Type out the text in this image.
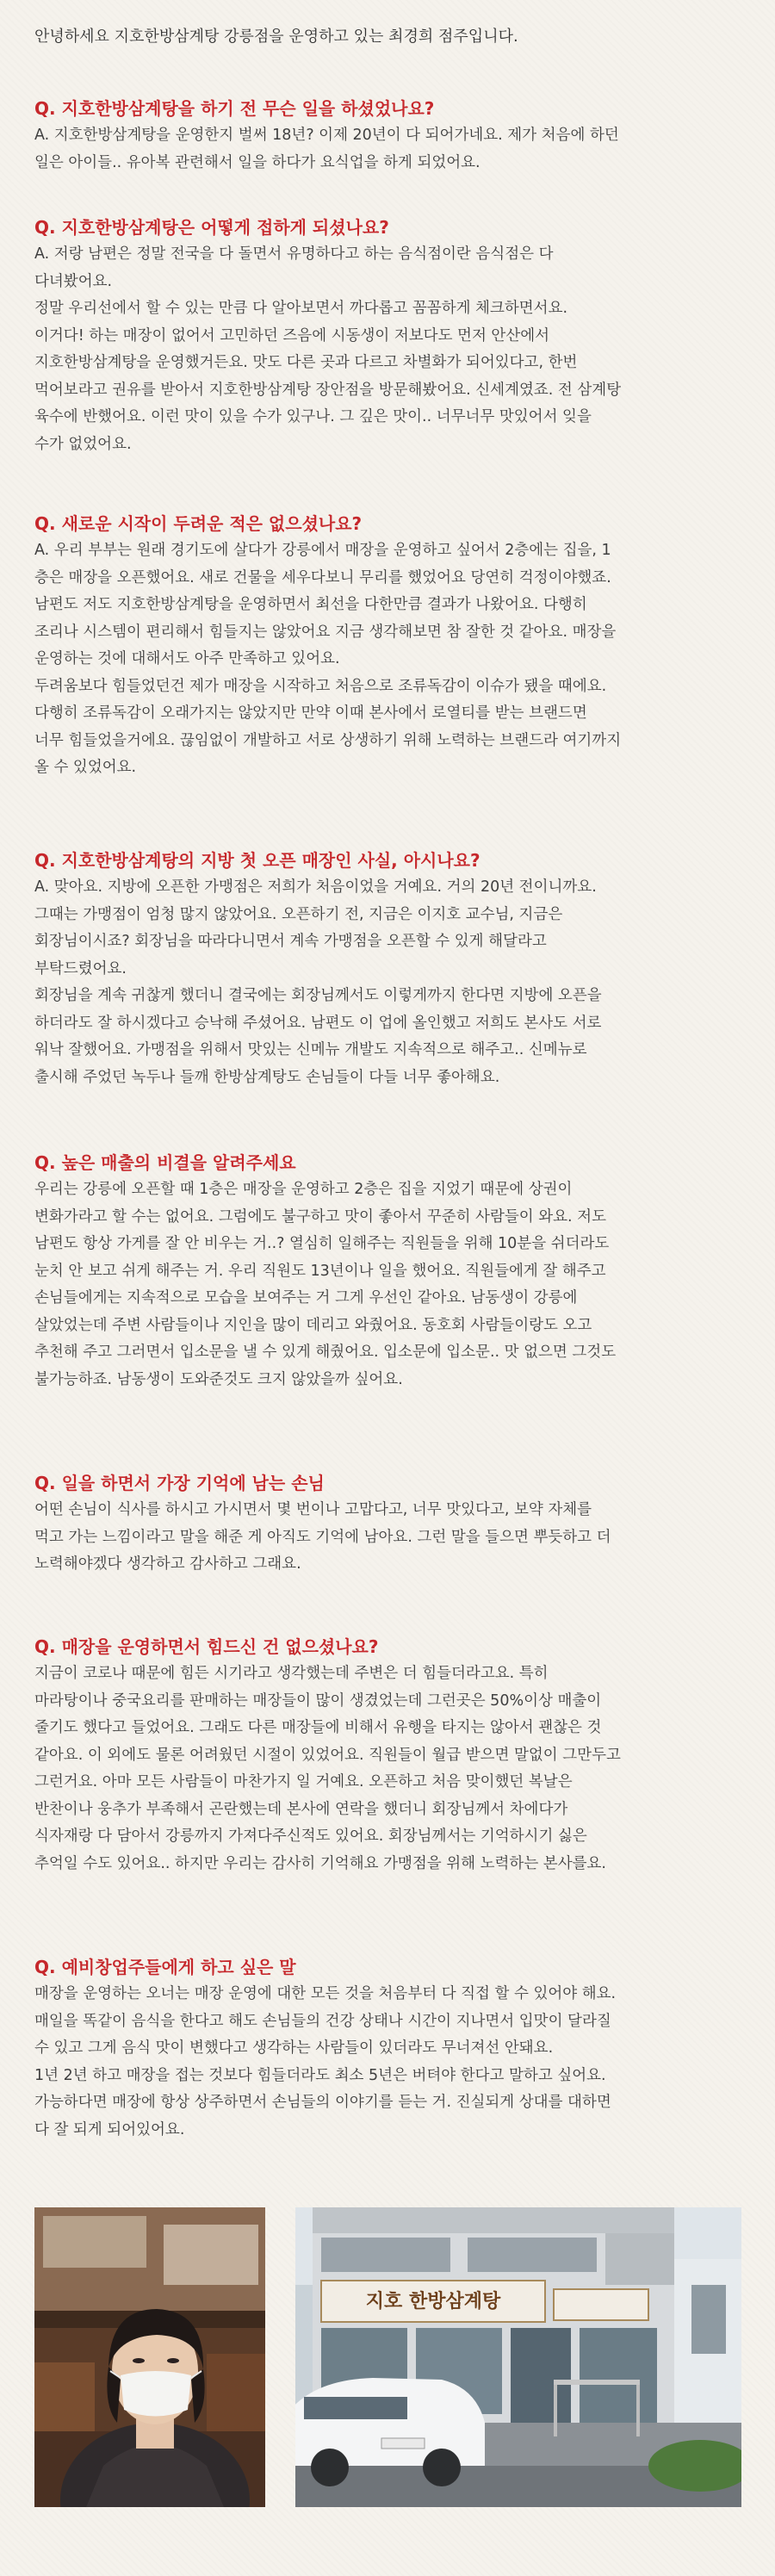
안녕하세요 지호한방삼계탕 강릉점을 운영하고 있는 최경희 점주입니다.

Q. 지호한방삼계탕을 하기 전 무슨 일을 하셨었나요?

A. 지호한방삼계탕을 운영한지 벌써 18년? 이제 20년이 다 되어가네요. 제가 처음에 하던
일은 아이들.. 유아복 관련해서 일을 하다가 요식업을 하게 되었어요.

Q. 지호한방삼계탕은 어떻게 접하게 되셨나요?

A. 저랑 남편은 정말 전국을 다 돌면서 유명하다고 하는 음식점이란 음식점은 다
다녀봤어요.
정말 우리선에서 할 수 있는 만큼 다 알아보면서 까다롭고 꼼꼼하게 체크하면서요.
이거다! 하는 매장이 없어서 고민하던 즈음에 시동생이 저보다도 먼저 안산에서
지호한방삼계탕을 운영했거든요. 맛도 다른 곳과 다르고 차별화가 되어있다고, 한번
먹어보라고 권유를 받아서 지호한방삼계탕 장안점을 방문해봤어요. 신세계였죠. 전 삼계탕
육수에 반했어요. 이런 맛이 있을 수가 있구나. 그 깊은 맛이.. 너무너무 맛있어서 잊을
수가 없었어요.

Q. 새로운 시작이 두려운 적은 없으셨나요?

A. 우리 부부는 원래 경기도에 살다가 강릉에서 매장을 운영하고 싶어서 2층에는 집을, 1
층은 매장을 오픈했어요. 새로 건물을 세우다보니 무리를 했었어요 당연히 걱정이야했죠.
남편도 저도 지호한방삼계탕을 운영하면서 최선을 다한만큼 결과가 나왔어요. 다행히
조리나 시스템이 편리해서 힘들지는 않았어요 지금 생각해보면 참 잘한 것 같아요. 매장을
운영하는 것에 대해서도 아주 만족하고 있어요.
두려움보다 힘들었던건 제가 매장을 시작하고 처음으로 조류독감이 이슈가 됐을 때에요.
다행히 조류독감이 오래가지는 않았지만 만약 이때 본사에서 로열티를 받는 브랜드면
너무 힘들었을거에요. 끊임없이 개발하고 서로 상생하기 위해 노력하는 브랜드라 여기까지
올 수 있었어요.

Q. 지호한방삼계탕의 지방 첫 오픈 매장인 사실, 아시나요?

A. 맞아요. 지방에 오픈한 가맹점은 저희가 처음이었을 거예요. 거의 20년 전이니까요.
그때는 가맹점이 엄청 많지 않았어요. 오픈하기 전, 지금은 이지호 교수님, 지금은
회장님이시죠? 회장님을 따라다니면서 계속 가맹점을 오픈할 수 있게 해달라고
부탁드렸어요.
회장님을 계속 귀찮게 했더니 결국에는 회장님께서도 이렇게까지 한다면 지방에 오픈을
하더라도 잘 하시겠다고 승낙해 주셨어요. 남편도 이 업에 올인했고 저희도 본사도 서로
워낙 잘했어요. 가맹점을 위해서 맛있는 신메뉴 개발도 지속적으로 해주고.. 신메뉴로
출시해 주었던 녹두나 들깨 한방삼계탕도 손님들이 다들 너무 좋아해요.

Q. 높은 매출의 비결을 알려주세요

우리는 강릉에 오픈할 때 1층은 매장을 운영하고 2층은 집을 지었기 때문에 상권이
변화가라고 할 수는 없어요. 그럼에도 불구하고 맛이 좋아서 꾸준히 사람들이 와요. 저도
남편도 항상 가게를 잘 안 비우는 거..? 열심히 일해주는 직원들을 위해 10분을 쉬더라도
눈치 안 보고 쉬게 해주는 거. 우리 직원도 13년이나 일을 했어요. 직원들에게 잘 해주고
손님들에게는 지속적으로 모습을 보여주는 거 그게 우선인 같아요. 남동생이 강릉에
살았었는데 주변 사람들이나 지인을 많이 데리고 와줬어요. 동호회 사람들이랑도 오고
추천해 주고 그러면서 입소문을 낼 수 있게 해줬어요. 입소문에 입소문.. 맛 없으면 그것도
불가능하죠. 남동생이 도와준것도 크지 않았을까 싶어요.

Q. 일을 하면서 가장 기억에 남는 손님

어떤 손님이 식사를 하시고 가시면서 몇 번이나 고맙다고, 너무 맛있다고, 보약 자체를
먹고 가는 느낌이라고 말을 해준 게 아직도 기억에 남아요. 그런 말을 들으면 뿌듯하고 더
노력해야겠다 생각하고 감사하고 그래요.

Q. 매장을 운영하면서 힘드신 건 없으셨나요?

지금이 코로나 때문에 힘든 시기라고 생각했는데 주변은 더 힘들더라고요. 특히
마라탕이나 중국요리를 판매하는 매장들이 많이 생겼었는데 그런곳은 50%이상 매출이
줄기도 했다고 들었어요. 그래도 다른 매장들에 비해서 유행을 타지는 않아서 괜찮은 것
같아요. 이 외에도 물론 어려웠던 시절이 있었어요. 직원들이 월급 받으면 말없이 그만두고
그런거요. 아마 모든 사람들이 마찬가지 일 거예요. 오픈하고 처음 맞이했던 복날은
반찬이나 웅추가 부족해서 곤란했는데 본사에 연락을 했더니 회장님께서 차에다가
식자재랑 다 담아서 강릉까지 가져다주신적도 있어요. 회장님께서는 기억하시기 싫은
추억일 수도 있어요.. 하지만 우리는 감사히 기억해요 가맹점을 위해 노력하는 본사를요.

Q. 예비창업주들에게 하고 싶은 말

매장을 운영하는 오너는 매장 운영에 대한 모든 것을 처음부터 다 직접 할 수 있어야 해요.
매일을 똑같이 음식을 한다고 해도 손님들의 건강 상태나 시간이 지나면서 입맛이 달라질
수 있고 그게 음식 맛이 변했다고 생각하는 사람들이 있더라도 무너져선 안돼요.
1년 2년 하고 매장을 접는 것보다 힘들더라도 최소 5년은 버텨야 한다고 말하고 싶어요.
가능하다면 매장에 항상 상주하면서 손님들의 이야기를 듣는 거. 진실되게 상대를 대하면
다 잘 되게 되어있어요.

지호 한방삼계탕
